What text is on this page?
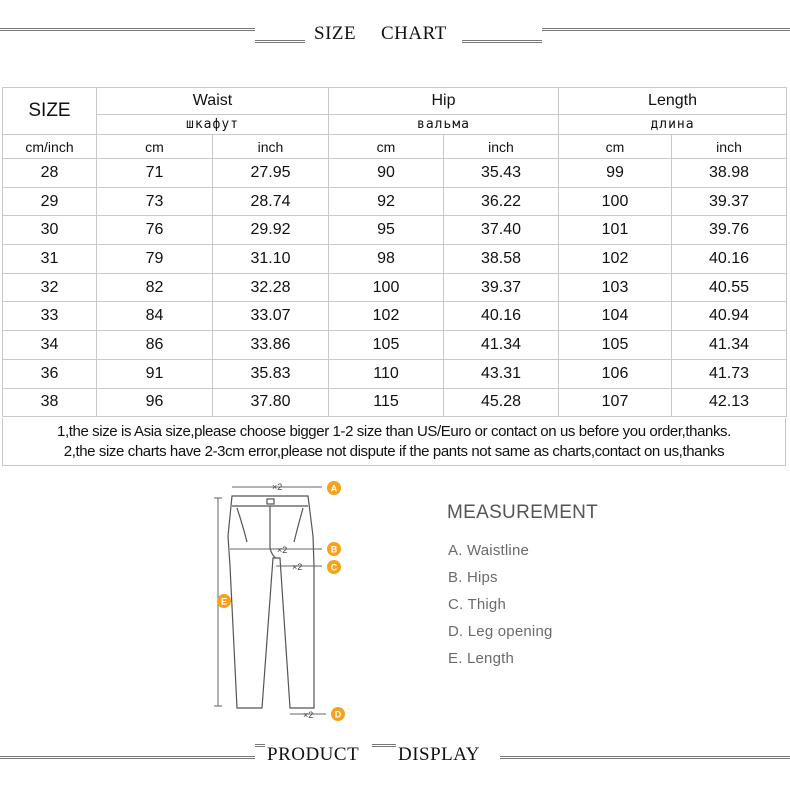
SIZE CHART
SIZE	Waist		Hip		Length	
	шкафут		вальма		длина	
cm/inch	cm	inch	cm	inch	cm	inch
28	71	27.95	90	35.43	99	38.98
29	73	28.74	92	36.22	100	39.37
30	76	29.92	95	37.40	101	39.76
31	79	31.10	98	38.58	102	40.16
32	82	32.28	100	39.37	103	40.55
33	84	33.07	102	40.16	104	40.94
34	86	33.86	105	41.34	105	41.34
36	91	35.83	110	43.31	106	41.73
38	96	37.80	115	45.28	107	42.13
1,the size is Asia size,please choose bigger 1-2 size than US/Euro or contact on us before you order,thanks.
2,the size charts have 2-3cm error,please not dispute if the pants not same as charts,contact on us,thanks
×2
×2
×2
×2
A
B
C
D
E
MEASUREMENT
A. Waistline
B. Hips
C. Thigh
D. Leg opening
E. Length
PRODUCT DISPLAY
